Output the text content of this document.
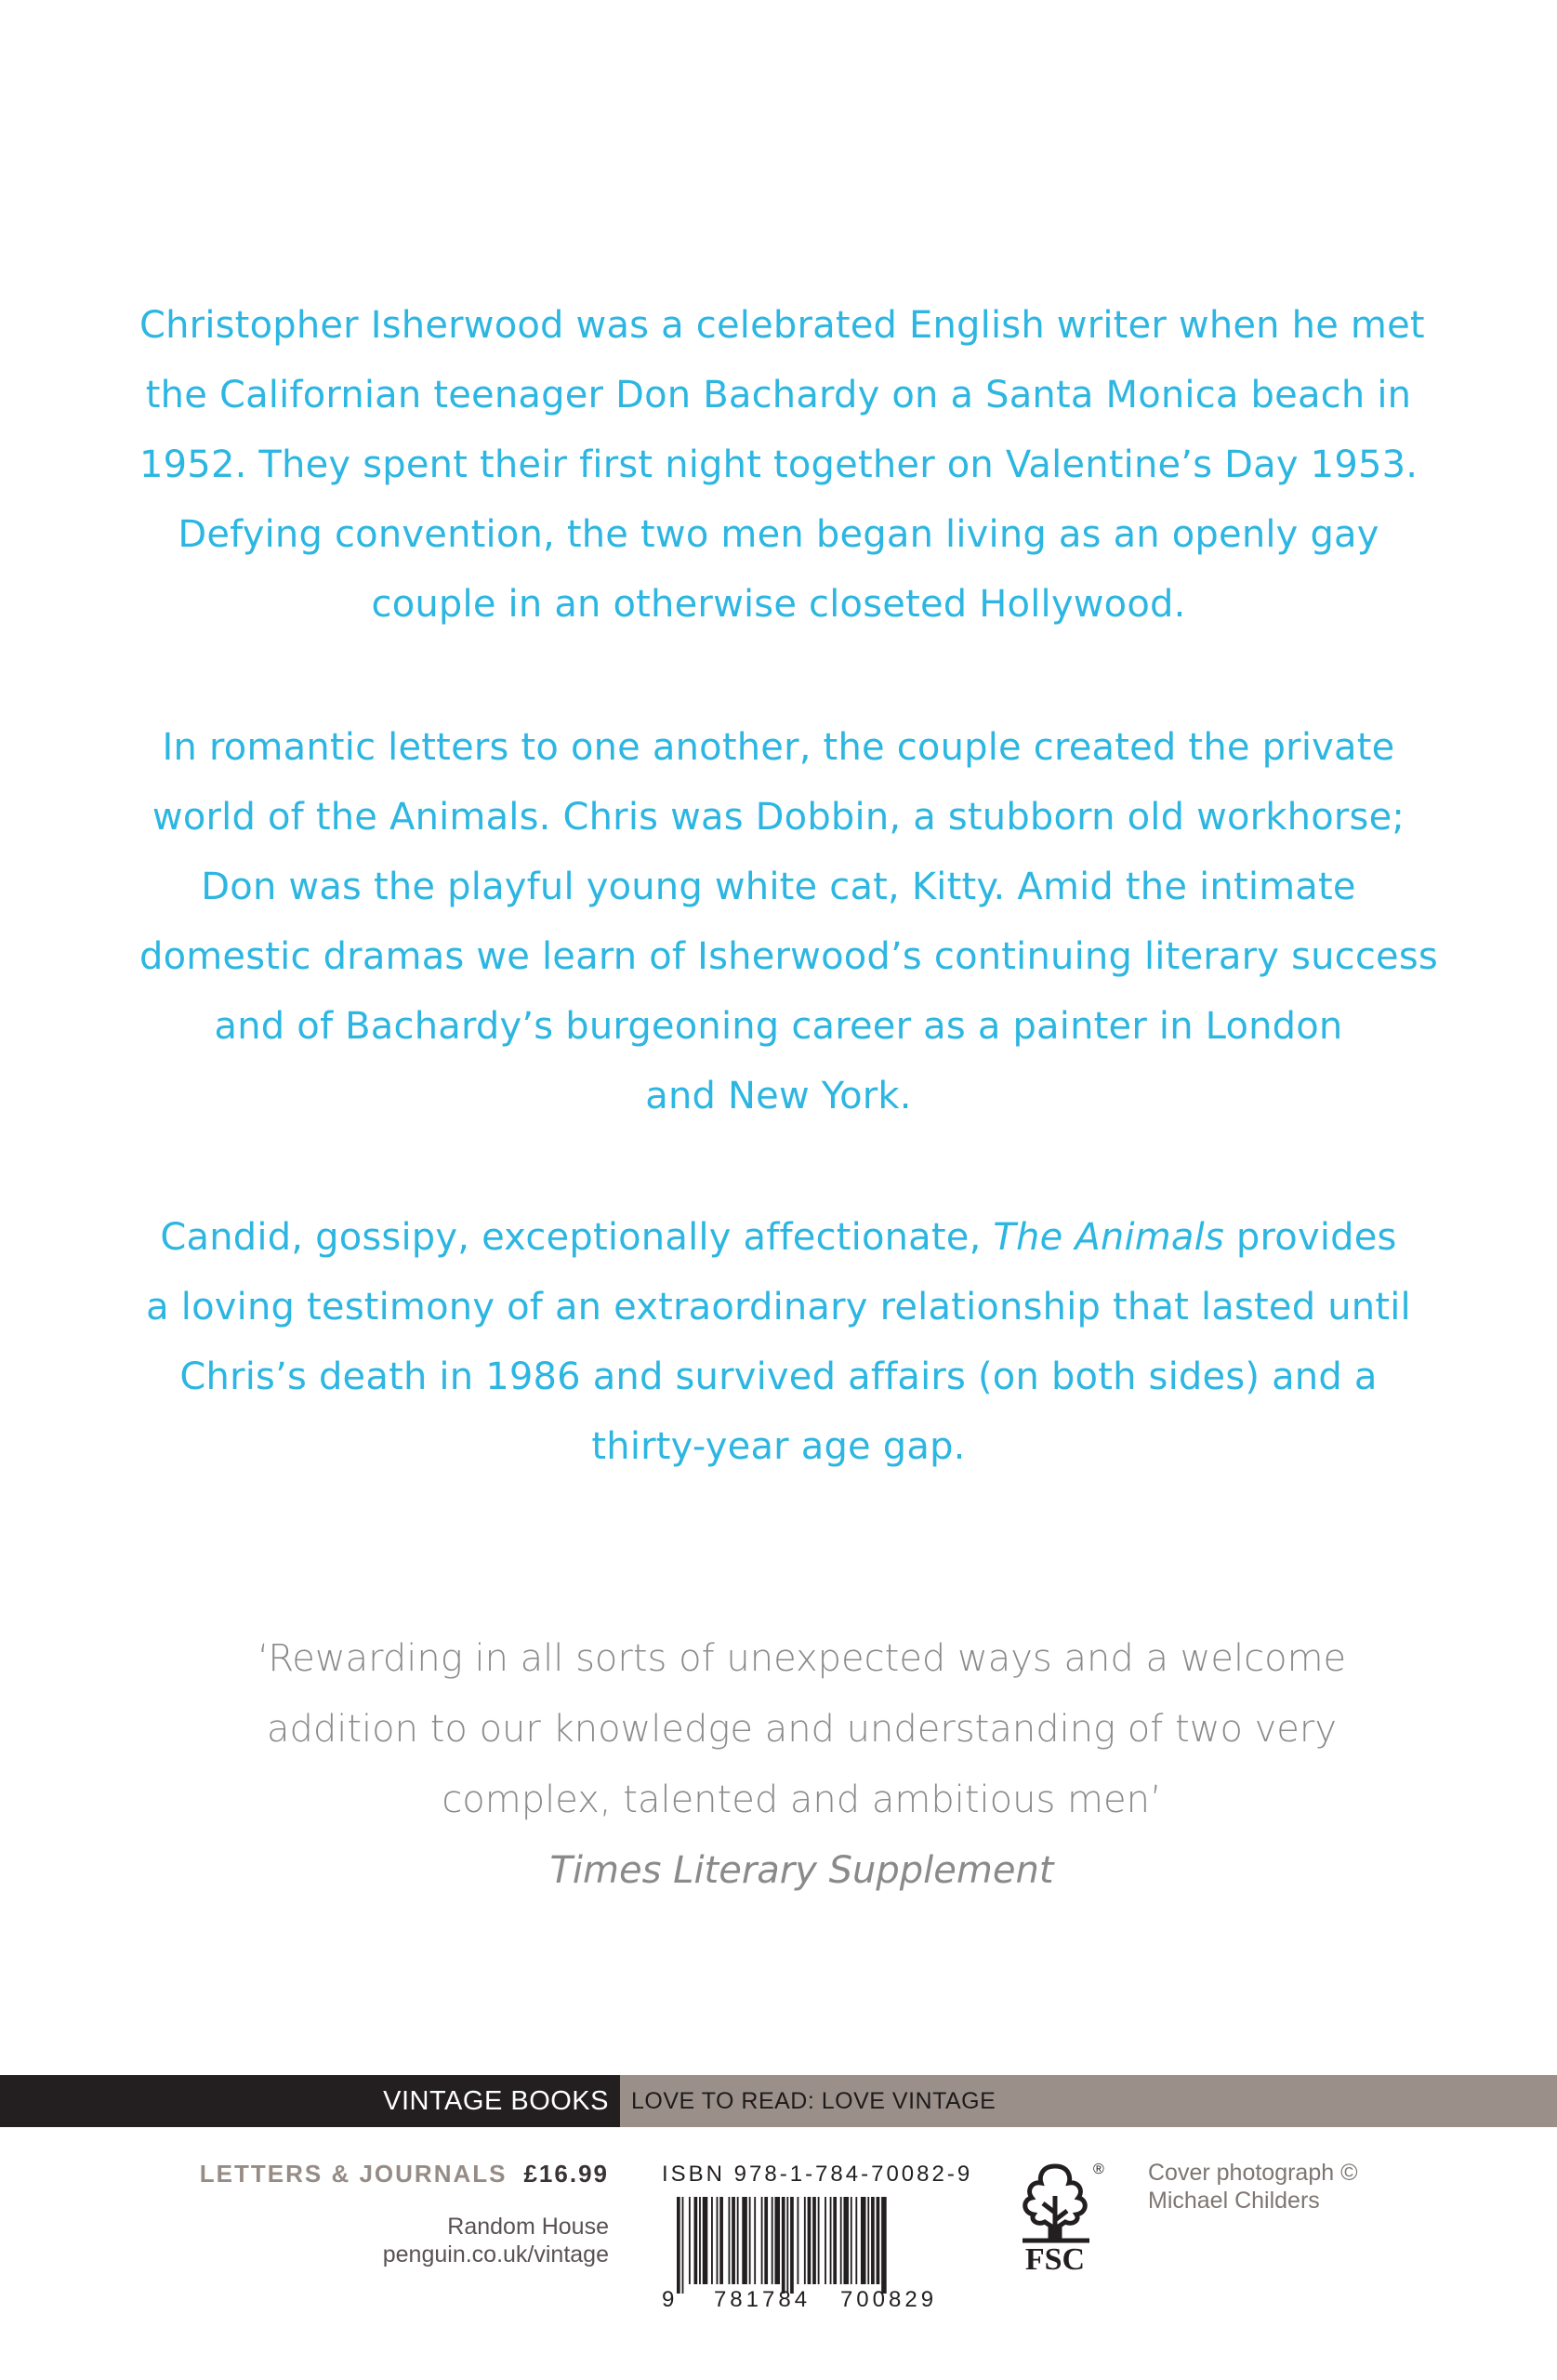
Christopher Isherwood was a celebrated English writer when he met
the Californian teenager Don Bachardy on a Santa Monica beach in
1952. They spent their first night together on Valentine’s Day 1953.
Defying convention, the two men began living as an openly gay
couple in an otherwise closeted Hollywood.
In romantic letters to one another, the couple created the private
world of the Animals. Chris was Dobbin, a stubborn old workhorse;
Don was the playful young white cat, Kitty. Amid the intimate
domestic dramas we learn of Isherwood’s continuing literary success
and of Bachardy’s burgeoning career as a painter in London
and New York.
Candid, gossipy, exceptionally affectionate, The Animals provides
a loving testimony of an extraordinary relationship that lasted until
Chris’s death in 1986 and survived affairs (on both sides) and a
thirty-year age gap.
‘Rewarding in all sorts of unexpected ways and a welcome
addition to our knowledge and understanding of two very
complex, talented and ambitious men’
Times Literary Supplement
VINTAGE BOOKS LOVE TO READ: LOVE VINTAGE
LETTERS & JOURNALS £16.99
Random House
penguin.co.uk/vintage
ISBN 978-1-784-70082-9
9 781784 700829
®
FSC
Cover photograph ©
Michael Childers
